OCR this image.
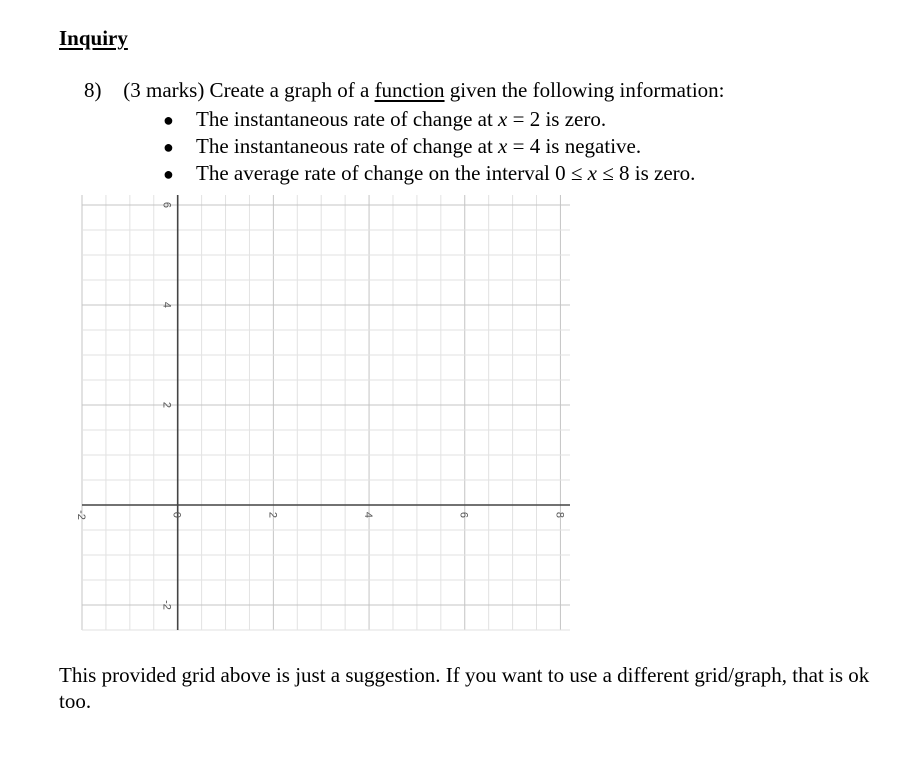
Inquiry
8) (3 marks) Create a graph of a function given the following information:
● The instantaneous rate of change at x = 2 is zero.
● The instantaneous rate of change at x = 4 is negative.
● The average rate of change on the interval 0 ≤ x ≤ 8 is zero.
-2	0	2	4	6	8
6
4
2
-2
This provided grid above is just a suggestion. If you want to use a different grid/graph, that is ok too.
